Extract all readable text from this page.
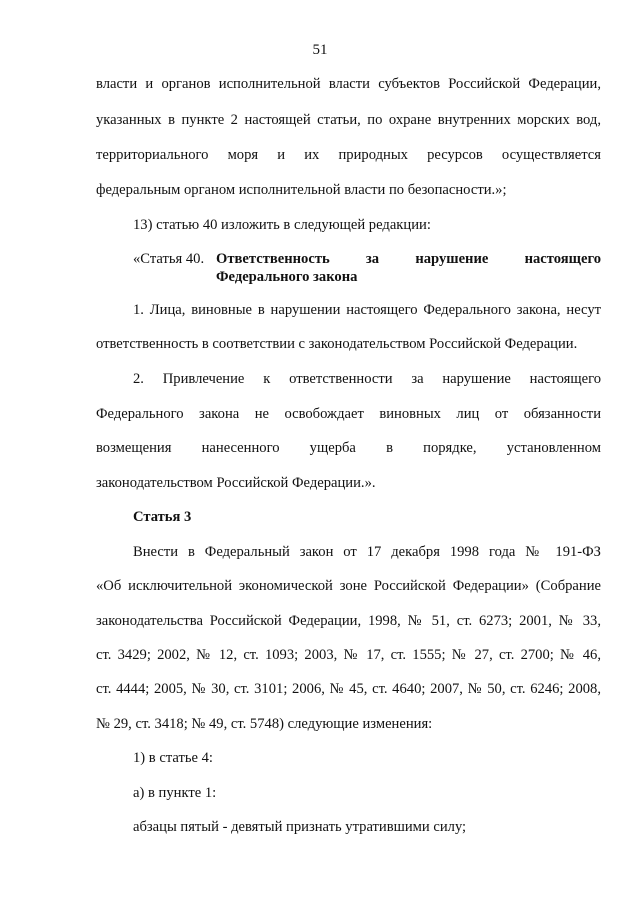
51
власти и органов исполнительной власти субъектов Российской Федерации,
указанных в пункте 2 настоящей статьи, по охране внутренних морских вод,
территориального моря и их природных ресурсов осуществляется
федеральным органом исполнительной власти по безопасности.»;
13) статью 40 изложить в следующей редакции:
«Статья 40. Ответственность за нарушение настоящего
Федерального закона
1. Лица, виновные в нарушении настоящего Федерального закона, несут
ответственность в соответствии с законодательством Российской Федерации.
2. Привлечение к ответственности за нарушение настоящего
Федерального закона не освобождает виновных лиц от обязанности
возмещения нанесенного ущерба в порядке, установленном
законодательством Российской Федерации.».
Статья 3
Внести в Федеральный закон от 17 декабря 1998 года № 191-ФЗ
«Об исключительной экономической зоне Российской Федерации» (Собрание
законодательства Российской Федерации, 1998, № 51, ст. 6273; 2001, № 33,
ст. 3429; 2002, № 12, ст. 1093; 2003, № 17, ст. 1555; № 27, ст. 2700; № 46,
ст. 4444; 2005, № 30, ст. 3101; 2006, № 45, ст. 4640; 2007, № 50, ст. 6246; 2008,
№ 29, ст. 3418; № 49, ст. 5748) следующие изменения:
1) в статье 4:
а) в пункте 1:
абзацы пятый - девятый признать утратившими силу;
